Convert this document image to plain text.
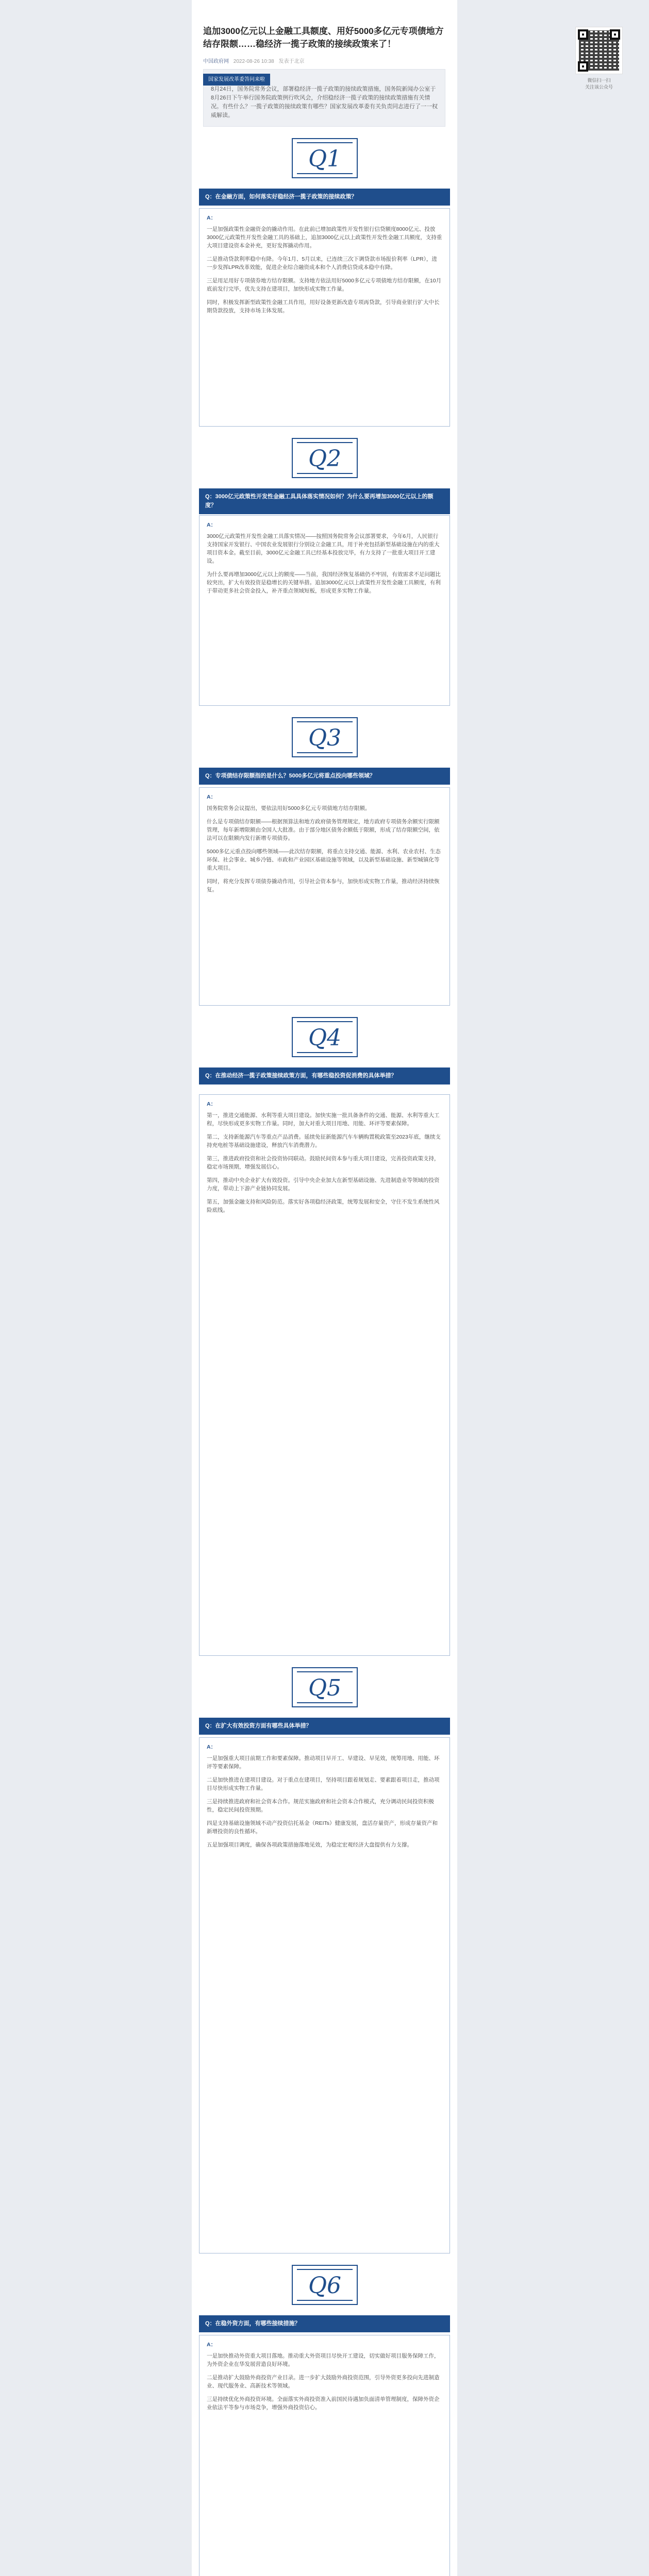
微信扫一扫
关注该公众号
追加3000亿元以上金融工具额度、用好5000多亿元专项债地方结存限额……稳经济一揽子政策的接续政策来了！
中国政府网 2022-08-26 10:38 发表于北京
国家发展改革委答问来啦
8月24日，国务院常务会议，部署稳经济一揽子政策的接续政策措施，国务院新闻办公室于8月26日下午举行国务院政策例行吹风会，介绍稳经济一揽子政策的接续政策措施有关情况。有些什么？一揽子政策的接续政策有哪些？国家发展改革委有关负责同志进行了一一权威解读。
Q1
Q：在金融方面，如何落实好稳经济一揽子政策的接续政策？

A：

一是加强政策性金融资金的撬动作用。在此前已增加政策性开发性银行信贷额度8000亿元、投放3000亿元政策性开发性金融工具的基础上，追加3000亿元以上政策性开发性金融工具额度，支持重大项目建设资本金补充，更好发挥撬动作用。

二是推动贷款利率稳中有降。今年1月、5月以来，已连续三次下调贷款市场报价利率（LPR），进一步发挥LPR改革效能，促进企业综合融资成本和个人消费信贷成本稳中有降。

三是用足用好专项债券地方结存限额。支持地方依法用好5000多亿元专项债地方结存限额，在10月底前发行完毕，优先支持在建项目，加快形成实物工作量。

同时，积极发挥新型政策性金融工具作用，用好设备更新改造专项再贷款，引导商业银行扩大中长期贷款投放，支持市场主体发展。

Q2
Q：3000亿元政策性开发性金融工具具体落实情况如何？为什么要再增加3000亿元以上的额度？

A：

3000亿元政策性开发性金融工具落实情况——按照国务院常务会议部署要求，今年6月，人民银行支持国家开发银行、中国农业发展银行分别设立金融工具，用于补充包括新型基础设施在内的重大项目资本金。截至目前，3000亿元金融工具已经基本投放完毕，有力支持了一批重大项目开工建设。

为什么要再增加3000亿元以上的额度——当前，我国经济恢复基础仍不牢固，有效需求不足问题比较突出，扩大有效投资是稳增长的关键举措。追加3000亿元以上政策性开发性金融工具额度，有利于带动更多社会资金投入，补齐重点领域短板，形成更多实物工作量。

Q3
Q：专项债结存限额指的是什么？5000多亿元将重点投向哪些领域？

A：

国务院常务会议提出，要依法用好5000多亿元专项债地方结存限额。

什么是专项债结存限额——根据预算法和地方政府债务管理规定，地方政府专项债务余额实行限额管理，每年新增限额由全国人大批准。由于部分地区债务余额低于限额，形成了结存限额空间，依法可以在限额内发行新增专项债券。

5000多亿元重点投向哪些领域——此次结存限额，将重点支持交通、能源、水利、农业农村、生态环保、社会事业、城乡冷链、市政和产业园区基础设施等领域，以及新型基础设施、新型城镇化等重大项目。

同时，将充分发挥专项债券撬动作用，引导社会资本参与，加快形成实物工作量，推动经济持续恢复。

Q4
Q：在推动经济一揽子政策接续政策方面，有哪些稳投资促消费的具体举措？

A：

第一，推进交通能源、水利等重大项目建设。加快实施一批具备条件的交通、能源、水利等重大工程，尽快形成更多实物工作量。同时，加大对重大项目用地、用能、环评等要素保障。

第二，支持新能源汽车等重点产品消费。延续免征新能源汽车车辆购置税政策至2023年底，继续支持充电桩等基础设施建设，释放汽车消费潜力。

第三，推进政府投资和社会投资协同联动。鼓励民间资本参与重大项目建设，完善投资政策支持，稳定市场预期，增强发展信心。

第四，推动中央企业扩大有效投资。引导中央企业加大在新型基础设施、先进制造业等领域的投资力度，带动上下游产业链协同发展。

第五，加强金融支持和风险防范。落实好各项稳经济政策，统筹发展和安全，守住不发生系统性风险底线。

Q5
Q：在扩大有效投资方面有哪些具体举措？

A：

一是加强重大项目前期工作和要素保障。推动项目早开工、早建设、早见效，统筹用地、用能、环评等要素保障。

二是加快推进在建项目建设。对于重点在建项目，坚持项目跟着规划走、要素跟着项目走，推动项目尽快形成实物工作量。

三是持续推进政府和社会资本合作。规范实施政府和社会资本合作模式，充分调动民间投资积极性，稳定民间投资预期。

四是支持基础设施领域不动产投资信托基金（REITs）健康发展，盘活存量资产，形成存量资产和新增投资的良性循环。

五是加强项目调度，确保各项政策措施落地见效，为稳定宏观经济大盘提供有力支撑。

Q6
Q：在稳外资方面，有哪些接续措施？

A：

一是加快推动外资重大项目落地。推动重大外资项目尽快开工建设，切实做好项目服务保障工作，为外资企业在华发展营造良好环境。

二是推动扩大鼓励外商投资产业目录。进一步扩大鼓励外商投资范围，引导外资更多投向先进制造业、现代服务业、高新技术等领域。

三是持续优化外商投资环境。全面落实外商投资准入前国民待遇加负面清单管理制度，保障外资企业依法平等参与市场竞争，增强外商投资信心。
